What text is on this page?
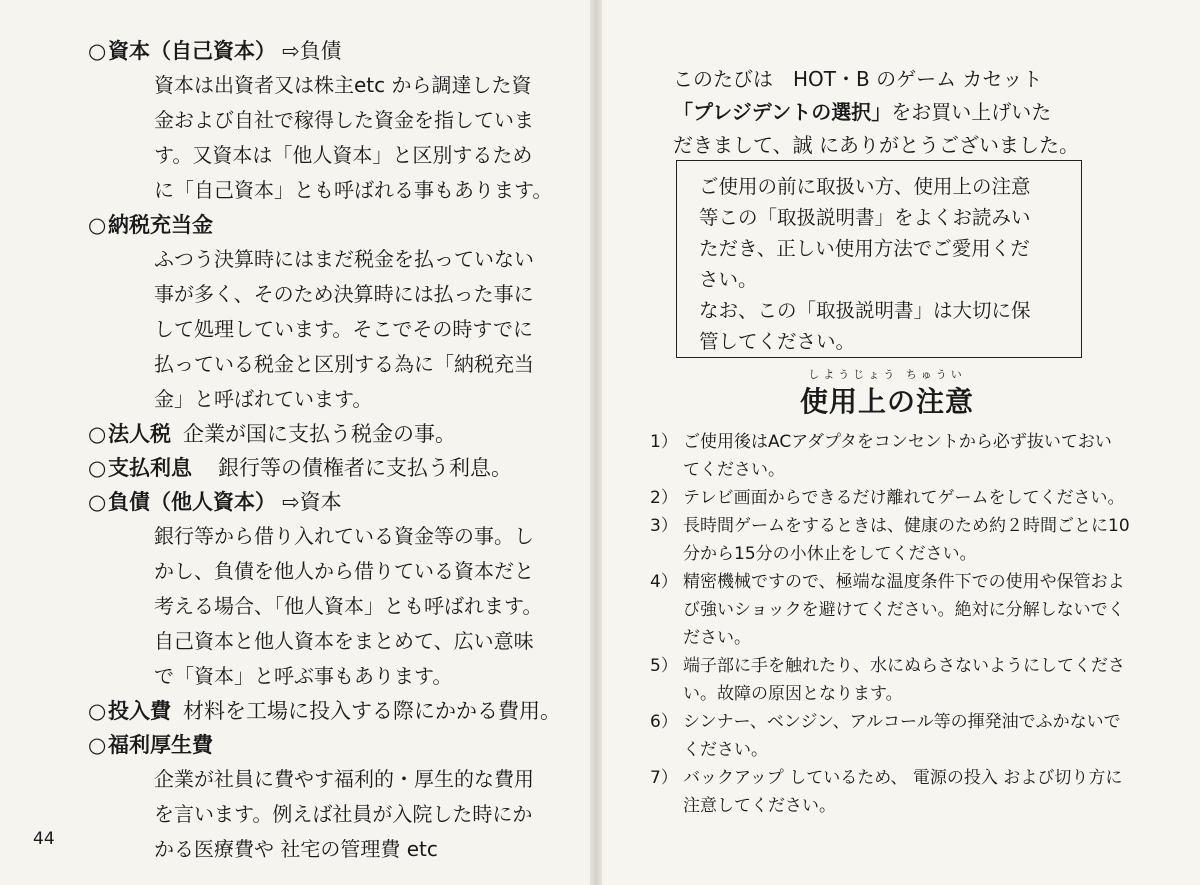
○資本（自己資本） ⇨負債

資本は出資者又は株主etc から調達した資
金および自社で稼得した資金を指していま
す。又資本は「他人資本」と区別するため
に「自己資本」とも呼ばれる事もあります。

○納税充当金

ふつう決算時にはまだ税金を払っていない
事が多く、そのため決算時には払った事に
して処理しています。そこでその時すでに
払っている税金と区別する為に「納税充当
金」と呼ばれています。

○法人税 企業が国に支払う税金の事。

○支払利息 銀行等の債権者に支払う利息。

○負債（他人資本） ⇨資本

銀行等から借り入れている資金等の事。し
かし、負債を他人から借りている資本だと
考える場合、「他人資本」とも呼ばれます。
自己資本と他人資本をまとめて、広い意味
で「資本」と呼ぶ事もあります。

○投入費 材料を工場に投入する際にかかる費用。

○福利厚生費

企業が社員に費やす福利的・厚生的な費用
を言います。例えば社員が入院した時にか
かる医療費や 社宅の管理費 etc
44
このたびは　HOT・B のゲーム カセット
「プレジデントの選択」をお買い上げいた
だきまして、誠 にありがとうございました。
ご使用の前に取扱い方、使用上の注意
等この「取扱説明書」をよくお読みい
ただき、正しい使用方法でご愛用くだ
さい。
なお、この「取扱説明書」は大切に保
管してください。
しようじょう ちゅうい
使用上の注意
1） ご使用後はACアダプタをコンセントから必ず抜いておい
てください。
2） テレビ画面からできるだけ離れてゲームをしてください。
3） 長時間ゲームをするときは、健康のため約２時間ごとに10
分から15分の小休止をしてください。
4） 精密機械ですので、極端な温度条件下での使用や保管およ
び強いショックを避けてください。絶対に分解しないでく
ださい。
5） 端子部に手を触れたり、水にぬらさないようにしてくださ
い。故障の原因となります。
6） シンナー、ベンジン、アルコール等の揮発油でふかないで
ください。
7） バックアップ しているため、 電源の投入 および切り方に
注意してください。
